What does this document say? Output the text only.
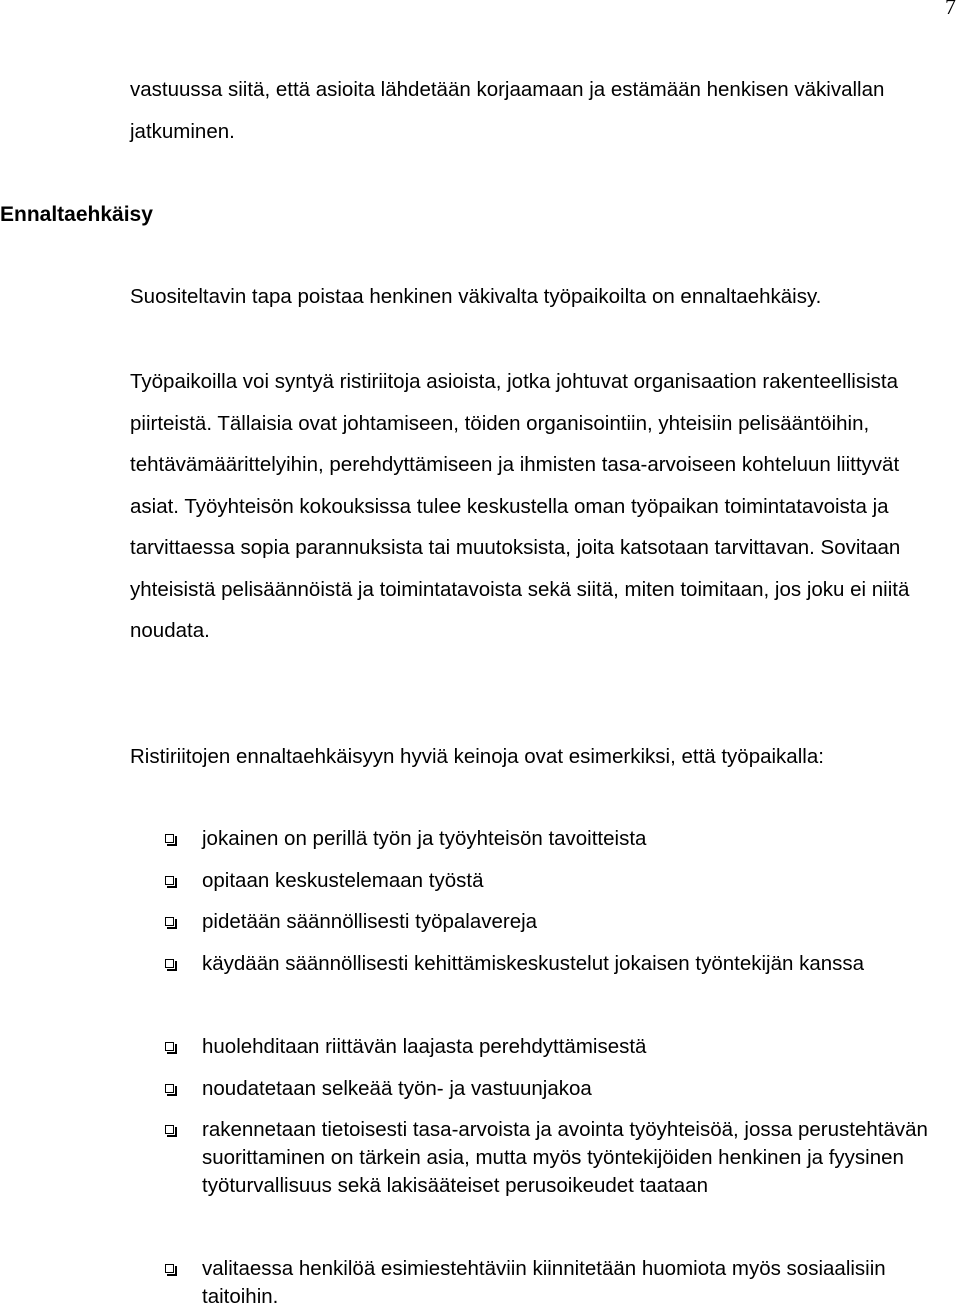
7

vastuussa siitä, että asioita lähdetään korjaamaan ja estämään henkisen väkivallan jatkuminen.

Ennaltaehkäisy

Suositeltavin tapa poistaa henkinen väkivalta työpaikoilta on ennaltaehkäisy.

Työpaikoilla voi syntyä ristiriitoja asioista, jotka johtuvat organisaation rakenteellisista piirteistä. Tällaisia ovat johtamiseen, töiden organisointiin, yhteisiin pelisääntöihin, tehtävämäärittelyihin, perehdyttämiseen ja ihmisten tasa-arvoiseen kohteluun liittyvät asiat. Työyhteisön kokouksissa tulee keskustella oman työpaikan toimintatavoista ja tarvittaessa sopia parannuksista tai muutoksista, joita katsotaan tarvittavan. Sovitaan yhteisistä pelisäännöistä ja toimintatavoista sekä siitä, miten toimitaan, jos joku ei niitä noudata.

Ristiriitojen ennaltaehkäisyyn hyviä keinoja ovat esimerkiksi, että työpaikalla:

jokainen on perillä työn ja työyhteisön tavoitteista
opitaan keskustelemaan työstä
pidetään säännöllisesti työpalavereja
käydään säännöllisesti kehittämiskeskustelut jokaisen työntekijän kanssa
huolehditaan riittävän laajasta perehdyttämisestä
noudatetaan selkeää työn- ja vastuunjakoa
rakennetaan tietoisesti tasa-arvoista ja avointa työyhteisöä, jossa perustehtävän suorittaminen on tärkein asia, mutta myös työntekijöiden henkinen ja fyysinen työturvallisuus sekä lakisääteiset perusoikeudet taataan
valitaessa henkilöä esimiestehtäviin kiinnitetään huomiota myös sosiaalisiin taitoihin.
